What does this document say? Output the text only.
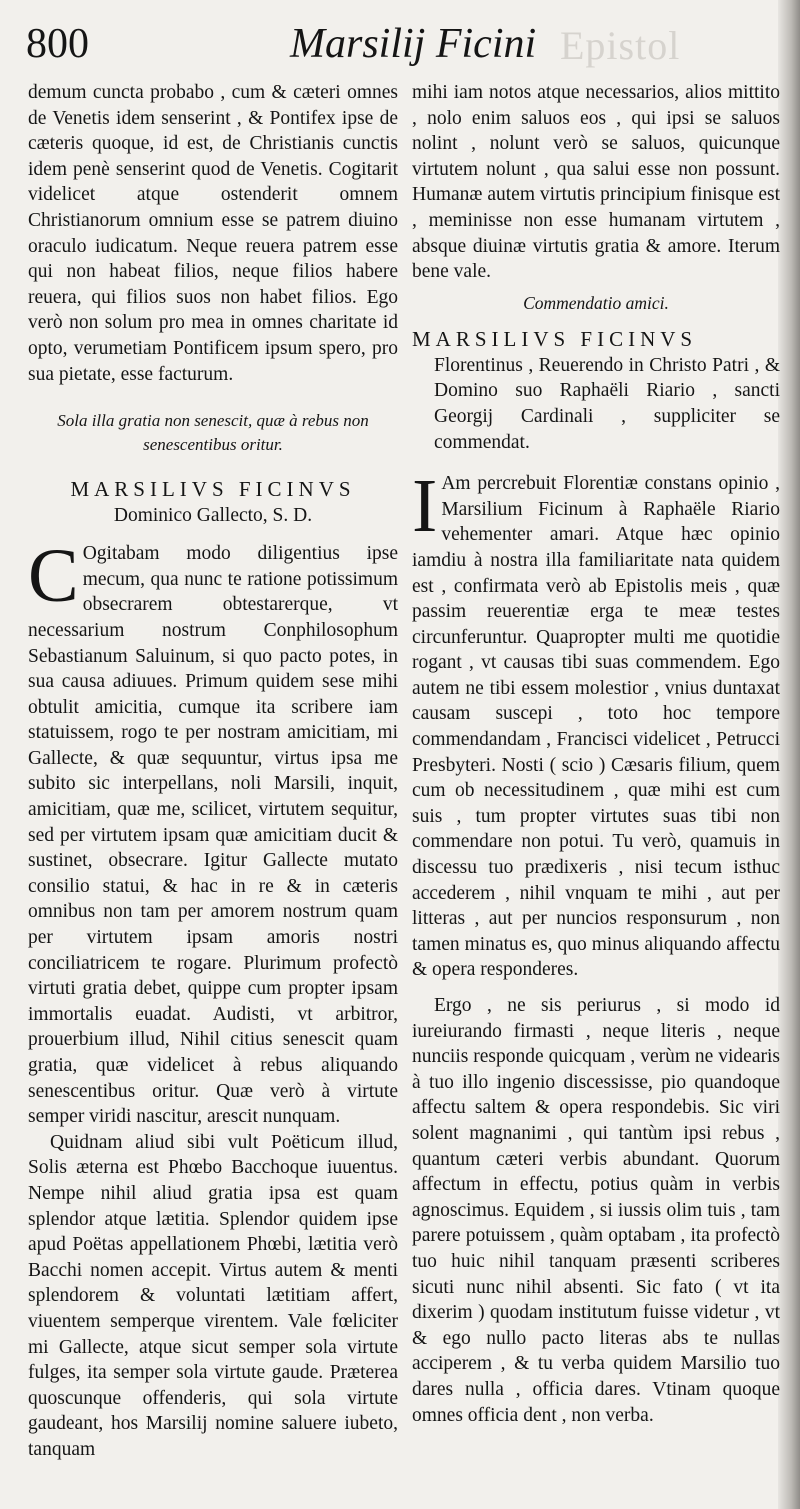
Epistol
800	Marsilij Ficini

demum cuncta probabo , cum & cæteri omnes de Venetis idem senserint , & Pontifex ipse de cæteris quoque, id est, de Christianis cunctis idem penè senserint quod de Venetis. Cogitarit videlicet atque ostenderit omnem Christianorum omnium esse se patrem diuino oraculo iudicatum. Neque reuera patrem esse qui non habeat filios, neque filios habere reuera, qui filios suos non habet filios. Ego verò non solum pro mea in omnes charitate id opto, verumetiam Pontificem ipsum spero, pro sua pietate, esse facturum.

Sola illa gratia non senescit, quæ à rebus non senescentibus oritur.

MARSILIVS FICINVS

Dominico Gallecto, S. D.

C Ogitabam modo diligentius ipse mecum, qua nunc te ratione potissimum obsecrarem obtestarerque, vt necessarium nostrum Conphilosophum Sebastianum Saluinum, si quo pacto potes, in sua causa adiuues. Primum quidem sese mihi obtulit amicitia, cumque ita scribere iam statuissem, rogo te per nostram amicitiam, mi Gallecte, & quæ sequuntur, virtus ipsa me subito sic interpellans, noli Marsili, inquit, amicitiam, quæ me, scilicet, virtutem sequitur, sed per virtutem ipsam quæ amicitiam ducit & sustinet, obsecrare. Igitur Gallecte mutato consilio statui, & hac in re & in cæteris omnibus non tam per amorem nostrum quam per virtutem ipsam amoris nostri conciliatricem te rogare. Plurimum profectò virtuti gratia debet, quippe cum propter ipsam immortalis euadat. Audisti, vt arbitror, prouerbium illud, Nihil citius senescit quam gratia, quæ videlicet à rebus aliquando senescentibus oritur. Quæ verò à virtute semper viridi nascitur, arescit nunquam.

Quidnam aliud sibi vult Poëticum illud, Solis æterna est Phœbo Bacchoque iuuentus. Nempe nihil aliud gratia ipsa est quam splendor atque lætitia. Splendor quidem ipse apud Poëtas appellationem Phœbi, lætitia verò Bacchi nomen accepit. Virtus autem & menti splendorem & voluntati lætitiam affert, viuentem semperque virentem. Vale fœliciter mi Gallecte, atque sicut semper sola virtute fulges, ita semper sola virtute gaude. Præterea quoscunque offenderis, qui sola virtute gaudeant, hos Marsilij nomine saluere iubeto, tanquam

mihi iam notos atque necessarios, alios mittito , nolo enim saluos eos , qui ipsi se saluos nolint , nolunt verò se saluos, quicunque virtutem nolunt , qua salui esse non possunt. Humanæ autem virtutis principium finisque est , meminisse non esse humanam virtutem , absque diuinæ virtutis gratia & amore. Iterum bene vale.

Commendatio amici.

MARSILIVS FICINVS

Florentinus , Reuerendo in Christo Patri , & Domino suo Raphaëli Riario , sancti Georgij Cardinali , suppliciter se commendat.

I Am percrebuit Florentiæ constans opinio , Marsilium Ficinum à Raphaële Riario vehementer amari. Atque hæc opinio iamdiu à nostra illa familiaritate nata quidem est , confirmata verò ab Epistolis meis , quæ passim reuerentiæ erga te meæ testes circunferuntur. Quapropter multi me quotidie rogant , vt causas tibi suas commendem. Ego autem ne tibi essem molestior , vnius duntaxat causam suscepi , toto hoc tempore commendandam , Francisci videlicet , Petrucci Presbyteri. Nosti ( scio ) Cæsaris filium, quem cum ob necessitudinem , quæ mihi est cum suis , tum propter virtutes suas tibi non commendare non potui. Tu verò, quamuis in discessu tuo prædixeris , nisi tecum isthuc accederem , nihil vnquam te mihi , aut per litteras , aut per nuncios responsurum , non tamen minatus es, quo minus aliquando affectu & opera responderes.

Ergo , ne sis periurus , si modo id iureiurando firmasti , neque literis , neque nunciis responde quicquam , verùm ne videaris à tuo illo ingenio discessisse, pio quandoque affectu saltem & opera respondebis. Sic viri solent magnanimi , qui tantùm ipsi rebus , quantum cæteri verbis abundant. Quorum affectum in effectu, potius quàm in verbis agnoscimus. Equidem , si iussis olim tuis , tam parere potuissem , quàm optabam , ita profectò tuo huic nihil tanquam præsenti scriberes sicuti nunc nihil absenti. Sic fato ( vt ita dixerim ) quodam institutum fuisse videtur , vt & ego nullo pacto literas abs te nullas acciperem , & tu verba quidem Marsilio tuo dares nulla , officia dares. Vtinam quoque omnes officia dent , non verba.
